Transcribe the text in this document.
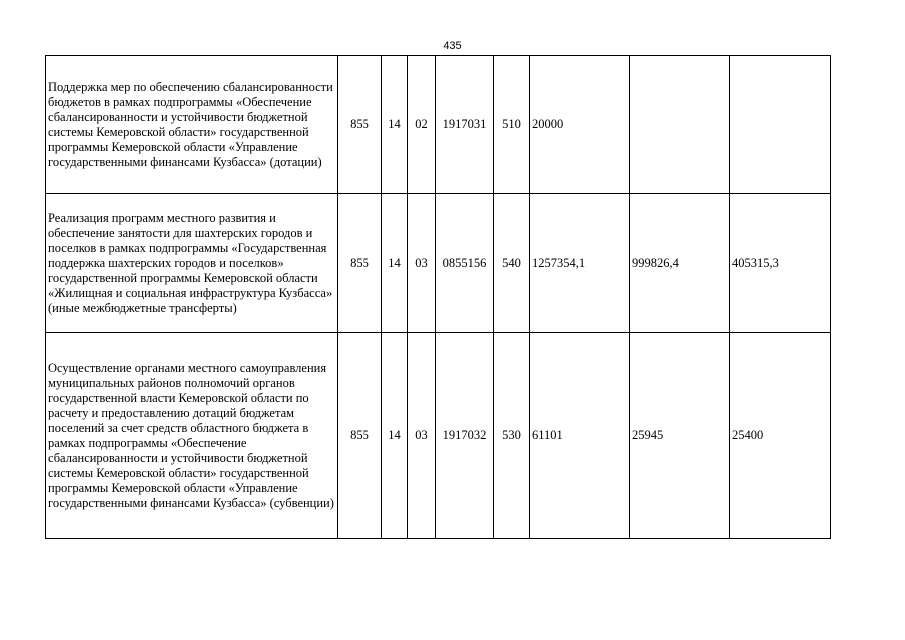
435
Поддержка мер по обеспечению сбалансированности бюджетов в рамках подпрограммы «Обеспечение сбалансированности и устойчивости бюджетной системы Кемеровской области» государственной программы Кемеровской области «Управление государственными финансами Кузбасса» (дотации)	855	14	02	1917031	510	20000		
Реализация программ местного развития и обеспечение занятости для шахтерских городов и поселков в рамках подпрограммы «Государственная поддержка шахтерских городов и поселков» государственной программы Кемеровской области «Жилищная и социальная инфраструктура Кузбасса» (иные межбюджетные трансферты)	855	14	03	0855156	540	1257354,1	999826,4	405315,3
Осуществление органами местного самоуправления муниципальных районов полномочий органов государственной власти Кемеровской области по расчету и предоставлению дотаций бюджетам поселений за счет средств областного бюджета в рамках подпрограммы «Обеспечение сбалансированности и устойчивости бюджетной системы Кемеровской области» государственной программы Кемеровской области «Управление государственными финансами Кузбасса» (субвенции)	855	14	03	1917032	530	61101	25945	25400
